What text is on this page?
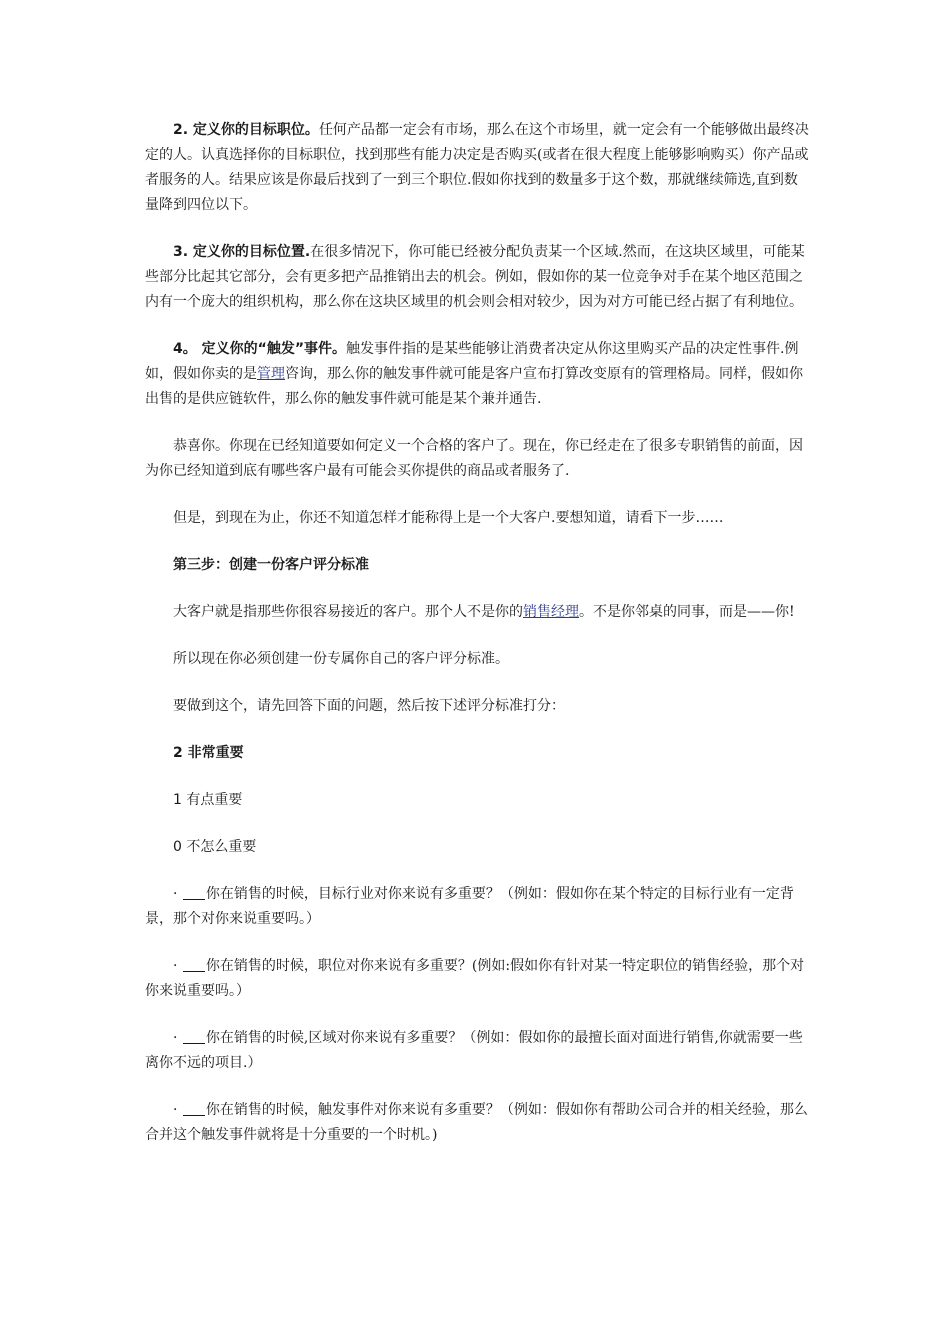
2. 定义你的目标职位。任何产品都一定会有市场，那么在这个市场里，就一定会有一个能够做出最终决定的人。认真选择你的目标职位，找到那些有能力决定是否购买(或者在很大程度上能够影响购买）你产品或者服务的人。结果应该是你最后找到了一到三个职位.假如你找到的数量多于这个数，那就继续筛选,直到数量降到四位以下。

3. 定义你的目标位置.在很多情况下，你可能已经被分配负责某一个区域.然而，在这块区域里，可能某些部分比起其它部分，会有更多把产品推销出去的机会。例如，假如你的某一位竞争对手在某个地区范围之内有一个庞大的组织机构，那么你在这块区域里的机会则会相对较少，因为对方可能已经占据了有利地位。

4。 定义你的“触发”事件。触发事件指的是某些能够让消费者决定从你这里购买产品的决定性事件.例如，假如你卖的是管理咨询，那么你的触发事件就可能是客户宣布打算改变原有的管理格局。同样，假如你出售的是供应链软件，那么你的触发事件就可能是某个兼并通告.

恭喜你。你现在已经知道要如何定义一个合格的客户了。现在，你已经走在了很多专职销售的前面，因为你已经知道到底有哪些客户最有可能会买你提供的商品或者服务了.

但是，到现在为止，你还不知道怎样才能称得上是一个大客户.要想知道，请看下一步……

第三步：创建一份客户评分标准

大客户就是指那些你很容易接近的客户。那个人不是你的销售经理。不是你邻桌的同事，而是——你!

所以现在你必须创建一份专属你自己的客户评分标准。

要做到这个，请先回答下面的问题，然后按下述评分标准打分：

2 非常重要

1 有点重要

0 不怎么重要

· 你在销售的时候，目标行业对你来说有多重要？（例如：假如你在某个特定的目标行业有一定背景，那个对你来说重要吗。）

· 你在销售的时候，职位对你来说有多重要？(例如:假如你有针对某一特定职位的销售经验，那个对你来说重要吗。）

· 你在销售的时候,区域对你来说有多重要？（例如：假如你的最擅长面对面进行销售,你就需要一些离你不远的项目.）

· 你在销售的时候，触发事件对你来说有多重要？（例如：假如你有帮助公司合并的相关经验，那么合并这个触发事件就将是十分重要的一个时机。)
